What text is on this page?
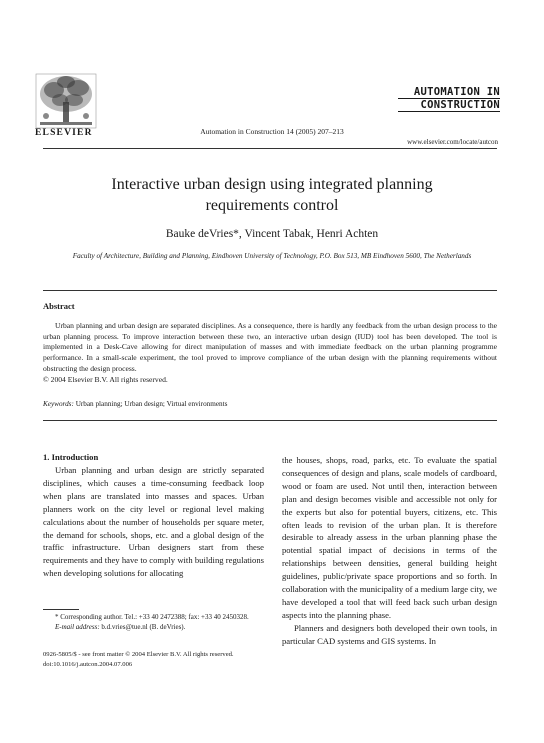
ELSEVIER	Automation in Construction 14 (2005) 207–213
AUTOMATION IN
CONSTRUCTION
www.elsevier.com/locate/autcon
Interactive urban design using integrated planning
requirements control
Bauke deVries*, Vincent Tabak, Henri Achten
Faculty of Architecture, Building and Planning, Eindhoven University of Technology, P.O. Box 513, MB Eindhoven 5600, The Netherlands
Abstract

Urban planning and urban design are separated disciplines. As a consequence, there is hardly any feedback from the urban design process to the urban planning process. To improve interaction between these two, an interactive urban design (IUD) tool has been developed. The tool is implemented in a Desk-Cave allowing for direct manipulation of masses and with immediate feedback on the urban planning programme performance. In a small-scale experiment, the tool proved to improve compliance of the urban design with the planning requirements without obstructing the design process.

© 2004 Elsevier B.V. All rights reserved.
Keywords: Urban planning; Urban design; Virtual environments
1. Introduction

Urban planning and urban design are strictly separated disciplines, which causes a time-consuming feedback loop when plans are translated into masses and spaces. Urban planners work on the city level or regional level making calculations about the number of households per square meter, the demand for schools, shops, etc. and a global design of the traffic infrastructure. Urban designers start from these requirements and they have to comply with building regulations when developing solutions for allocating

the houses, shops, road, parks, etc. To evaluate the spatial consequences of design and plans, scale models of cardboard, wood or foam are used. Not until then, interaction between plan and design becomes visible and accessible not only for the experts but also for potential buyers, citizens, etc. This often leads to revision of the urban plan. It is therefore desirable to already assess in the urban planning phase the potential spatial impact of decisions in terms of the relationships between densities, general building height guidelines, public/private space proportions and so forth. In collaboration with the municipality of a medium large city, we have developed a tool that will feed back such urban design aspects into the planning phase.

Planners and designers both developed their own tools, in particular CAD systems and GIS systems. In

* Corresponding author. Tel.: +33 40 2472388; fax: +33 40 2450328.
E-mail address: b.d.vries@tue.nl (B. deVries).
0926-5805/$ - see front matter © 2004 Elsevier B.V. All rights reserved.
doi:10.1016/j.autcon.2004.07.006
